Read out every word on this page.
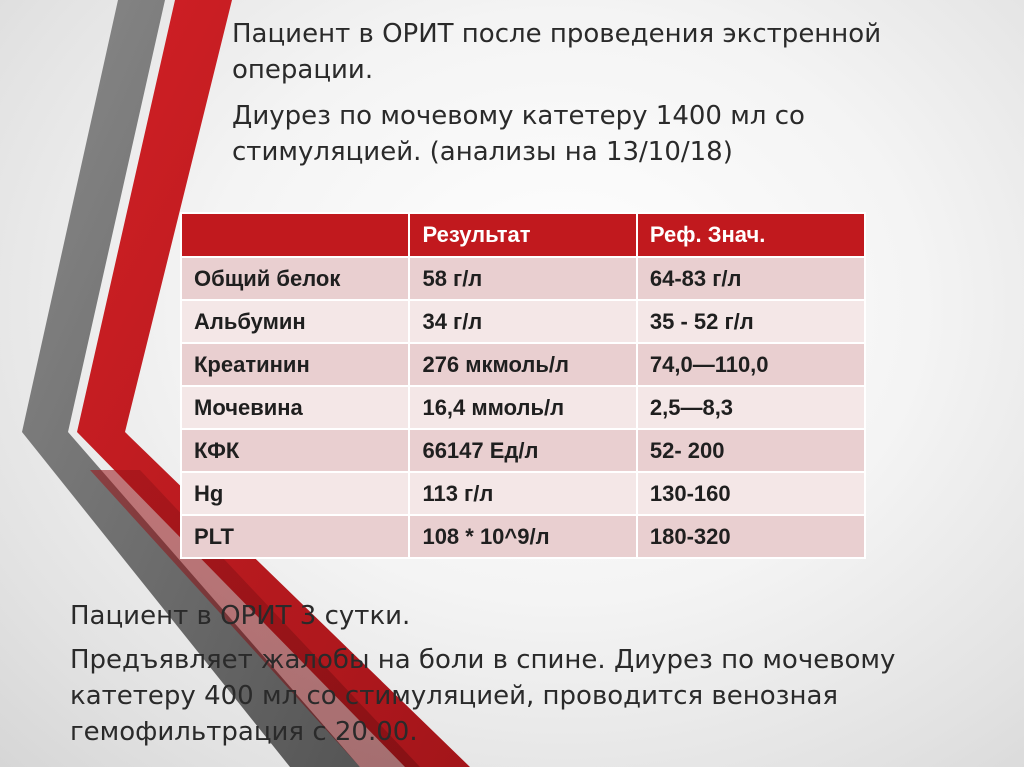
Пациент в ОРИТ после проведения экстренной операции.
Диурез по мочевому катетеру 1400 мл со стимуляцией. (анализы на 13/10/18)
	Результат	Реф. Знач.
Общий белок	58 г/л	64-83 г/л
Альбумин	34 г/л	35 - 52 г/л
Креатинин	276 мкмоль/л	74,0—110,0
Мочевина	16,4 ммоль/л	2,5—8,3
КФК	66147 Ед/л	52- 200
Hg	113 г/л	130-160
PLT	108 * 10^9/л	180-320
Пациент в ОРИТ 3 сутки.
Предъявляет жалобы на боли в спине. Диурез по мочевому катетеру 400 мл со стимуляцией, проводится венозная гемофильтрация с 20.00.
